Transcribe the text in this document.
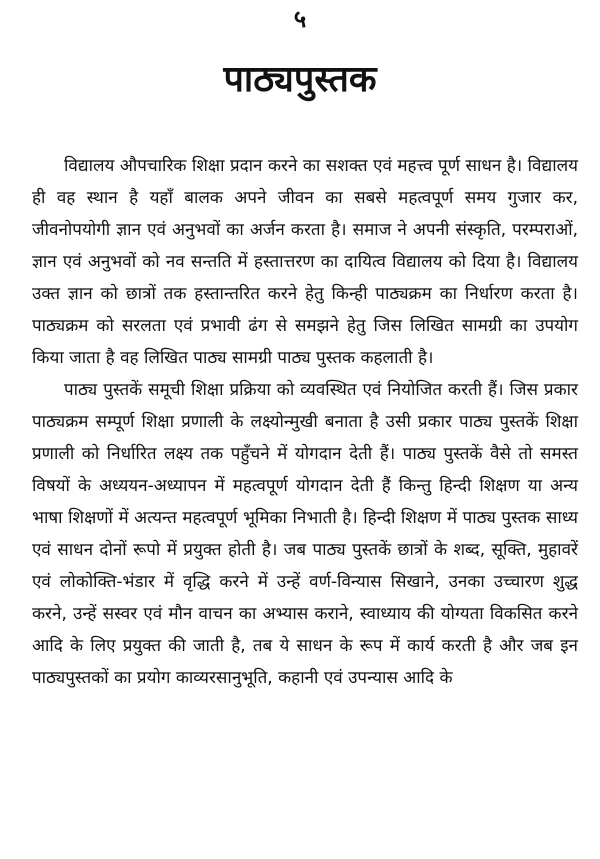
५
पाठ्यपुस्तक

विद्यालय औपचारिक शिक्षा प्रदान करने का सशक्त एवं महत्त्व पूर्ण साधन है। विद्यालय ही वह स्थान है यहाँ बालक अपने जीवन का सबसे महत्वपूर्ण समय गुजार कर, जीवनोपयोगी ज्ञान एवं अनुभवों का अर्जन करता है। समाज ने अपनी संस्कृति, परम्पराओं, ज्ञान एवं अनुभवों को नव सन्तति में हस्तात्तरण का दायित्व विद्यालय को दिया है। विद्यालय उक्त ज्ञान को छात्रों तक हस्तान्तरित करने हेतु किन्ही पाठ्यक्रम का निर्धारण करता है। पाठ्यक्रम को सरलता एवं प्रभावी ढंग से समझने हेतु जिस लिखित सामग्री का उपयोग किया जाता है वह लिखित पाठ्य सामग्री पाठ्य पुस्तक कहलाती है।

पाठ्य पुस्तकें समूची शिक्षा प्रक्रिया को व्यवस्थित एवं नियोजित करती हैं। जिस प्रकार पाठ्यक्रम सम्पूर्ण शिक्षा प्रणाली के लक्ष्योन्मुखी बनाता है उसी प्रकार पाठ्य पुस्तकें शिक्षा प्रणाली को निर्धारित लक्ष्य तक पहुँचने में योगदान देती हैं। पाठ्य पुस्तकें वैसे तो समस्त विषयों के अध्ययन-अध्यापन में महत्वपूर्ण योगदान देती हैं किन्तु हिन्दी शिक्षण या अन्य भाषा शिक्षणों में अत्यन्त महत्वपूर्ण भूमिका निभाती है। हिन्दी शिक्षण में पाठ्य पुस्तक साध्य एवं साधन दोनों रूपो में प्रयुक्त होती है। जब पाठ्य पुस्तकें छात्रों के शब्द, सूक्ति, मुहावरें एवं लोकोक्ति-भंडार में वृद्धि करने में उन्हें वर्ण-विन्यास सिखाने, उनका उच्चारण शुद्ध करने, उन्हें सस्वर एवं मौन वाचन का अभ्यास कराने, स्वाध्याय की योग्यता विकसित करने आदि के लिए प्रयुक्त की जाती है, तब ये साधन के रूप में कार्य करती है और जब इन पाठ्यपुस्तकों का प्रयोग काव्यरसानुभूति, कहानी एवं उपन्यास आदि के
